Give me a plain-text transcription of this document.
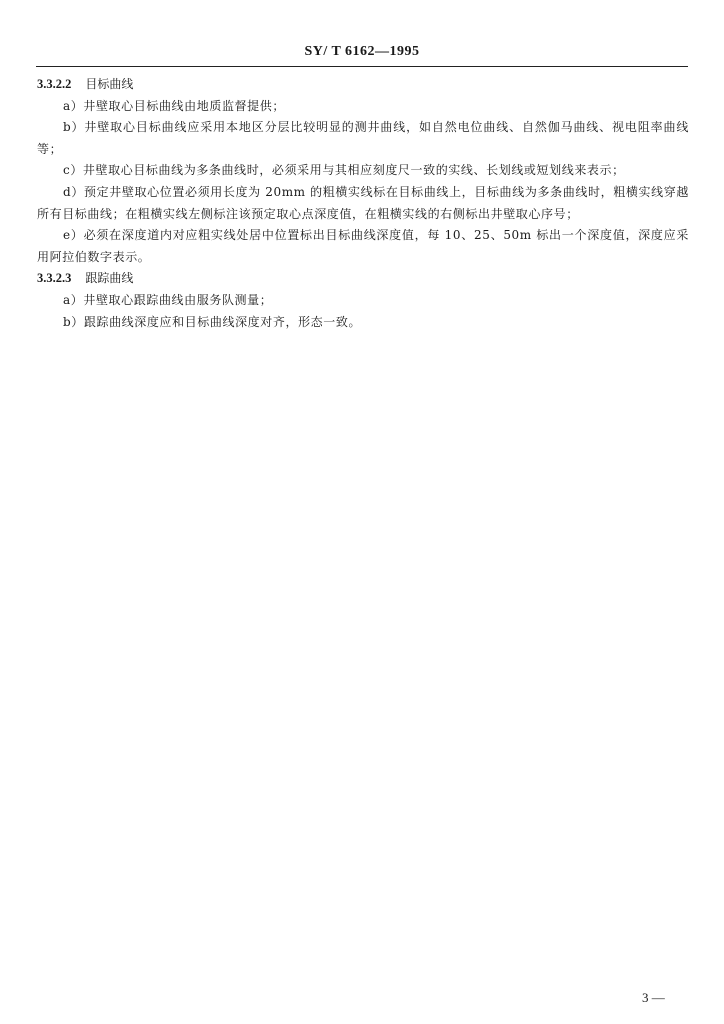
SY/ T 6162—1995
3.3.2.2 目标曲线

a）井壁取心目标曲线由地质监督提供；

b）井壁取心目标曲线应采用本地区分层比较明显的测井曲线，如自然电位曲线、自然伽马曲线、视电阻率曲线等；

c）井壁取心目标曲线为多条曲线时，必须采用与其相应刻度尺一致的实线、长划线或短划线来表示；

d）预定井壁取心位置必须用长度为 20mm 的粗横实线标在目标曲线上，目标曲线为多条曲线时，粗横实线穿越所有目标曲线；在粗横实线左侧标注该预定取心点深度值，在粗横实线的右侧标出井壁取心序号；

e）必须在深度道内对应粗实线处居中位置标出目标曲线深度值，每 10、25、50m 标出一个深度值，深度应采用阿拉伯数字表示。

3.3.2.3 跟踪曲线

a）井壁取心跟踪曲线由服务队测量；

b）跟踪曲线深度应和目标曲线深度对齐，形态一致。

3 —
